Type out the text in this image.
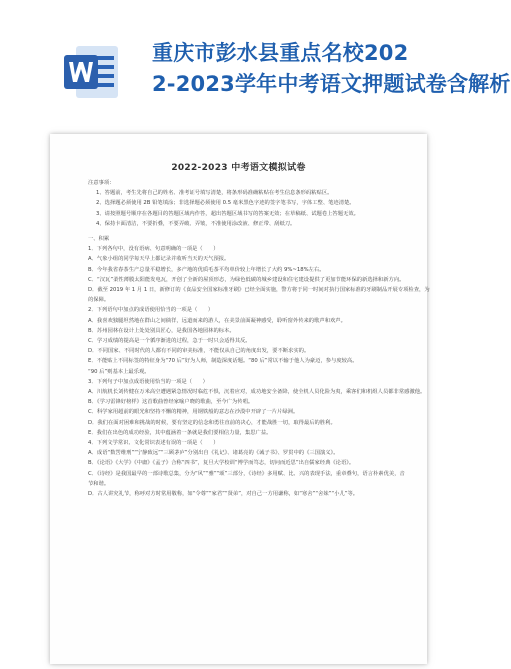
重庆市彭水县重点名校202
2-2023学年中考语文押题试卷含解析
2022-2023 中考语文模拟试卷
注意事项：
1、答题前，考生先将自己的姓名、准考证号填写清楚，将条形码准确粘贴在考生信息条形码粘贴区。
2、选择题必须使用 2B 铅笔填涂；非选择题必须使用 0.5 毫米黑色字迹的签字笔书写，字体工整、笔迹清楚。
3、请按照题号顺序在各题目的答题区域内作答，超出答题区域书写的答案无效；在草稿纸、试题卷上答题无效。
4、保持卡面清洁，不要折叠，不要弄破、弄皱，不准使用涂改液、修正带、刮纸刀。
一、积累
1．下列各句中，没有语病、句意明确的一项是（　　）
A．气象小组的同学每天早上都记录并收听当天的天气预报。
B．今年我省春茶生产总量平稳增长，多产地的优质毛茶平均单价较上年增长了大约 9%~18%左右。
C．“汉瓦”柔性薄膜太阳能发电瓦，开创了全新的屋顶形态，为绿色低碳的城乡建设和住宅建设提供了更加节能环保的新选择和新方向。
D．截至 2019 年 1 月 1 日，新修订的《食品安全国家标准牙刷》已经全面实施，警方将于同一时间对执行国家标准的牙刷制品开展专项检查，为
的保障。
2．下列语句中加点的成语使用恰当的一项是（　　）
A．我喜欢独腿坦然地在群山之间徜徉，远道而来的游人，在美景前面凝神感受，聆听窗外传来的歌声和欢声。
B．苏州园林在设计上处处别具匠心，是我国各地园林的标本。
C．学习成绩的提高是一个循序渐进的过程，急于一时只会适得其反。
D．不同国家、不同时代的人都有不同的审美标准，不能仅从自己的角度出发，要不断求实的。
E．不能贴上不同标签的特征身为“70 后”好为人师，制造深度话题。“80 后”常以不输于他人为豪迈，参与度较高。
“90 后”则基本上最乐观。
3．下列句子中加点成语使用恰当的一项是（　　）
A．川航机长刘传健在万米高空遭遇紧急情况时临危不惧，沉着应对，成功地安全备降，使全机人员化险为夷，乘客们和机组人员都非常感激他。
B．《学习雷锋好榜样》这首歌曲曾经家喻户晓的歌曲，至今广为传唱。
C．科学家用超前的眼光和坚持不懈的精神，用钢铁般的意志在沙漠中开辟了一片片绿洲。
D．我们在面对困难和挑战的时候，要有坚定的信念和勇往直前的决心，才能战胜一切，取得最后的胜利。
E．我们在出色的成功经验，其中蕴涵着一条就是我们要相信力量，集思广益。
4．下列文学常识、文化常识表述有误的一项是（　　）
A．成语“数罟维刑”“宁静致远”“三顾茅庐”分别出自《礼记》、诸葛亮的《诫子书》、罗贯中的《三国演义》。
B．《论语》《大学》《中庸》《孟子》合称“四书”，复旦大学校训“博学而笃志，切问而近思”出自儒家经典《论语》。
C．《诗经》是我国最早的一部诗歌总集，分为“风”“雅”“颂”三部分，《诗经》多用赋、比、兴的表现手法，重章叠句，语言朴素优美，音
节和谐。
D．古人讲究礼节，称呼对方时常用敬称，如“令尊”“家君”“贤弟”，对自己一方用谦称，如“寒舍”“舍妹”“小儿”等。
